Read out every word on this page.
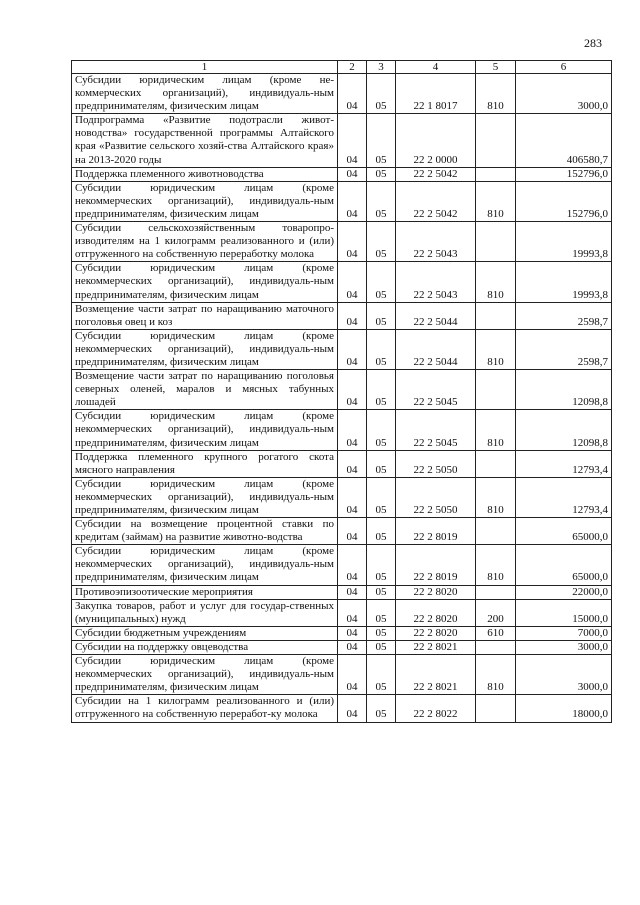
283
1	2	3	4	5	6
Субсидии юридическим лицам (кроме не-коммерческих организаций), индивидуаль-ным предпринимателям, физическим лицам	04	05	22 1 8017	810	3000,0
Подпрограмма «Развитие подотрасли живот-новодства» государственной программы Алтайского края «Развитие сельского хозяй-ства Алтайского края» на 2013-2020 годы	04	05	22 2 0000		406580,7
Поддержка племенного животноводства	04	05	22 2 5042		152796,0
Субсидии юридическим лицам (кроме некоммерческих организаций), индивидуаль-ным предпринимателям, физическим лицам	04	05	22 2 5042	810	152796,0
Субсидии сельскохозяйственным товаропро-изводителям на 1 килограмм реализованного и (или) отгруженного на собственную переработку молока	04	05	22 2 5043		19993,8
Субсидии юридическим лицам (кроме некоммерческих организаций), индивидуаль-ным предпринимателям, физическим лицам	04	05	22 2 5043	810	19993,8
Возмещение части затрат по наращиванию маточного поголовья овец и коз	04	05	22 2 5044		2598,7
Субсидии юридическим лицам (кроме некоммерческих организаций), индивидуаль-ным предпринимателям, физическим лицам	04	05	22 2 5044	810	2598,7
Возмещение части затрат по наращиванию поголовья северных оленей, маралов и мясных табунных лошадей	04	05	22 2 5045		12098,8
Субсидии юридическим лицам (кроме некоммерческих организаций), индивидуаль-ным предпринимателям, физическим лицам	04	05	22 2 5045	810	12098,8
Поддержка племенного крупного рогатого скота мясного направления	04	05	22 2 5050		12793,4
Субсидии юридическим лицам (кроме некоммерческих организаций), индивидуаль-ным предпринимателям, физическим лицам	04	05	22 2 5050	810	12793,4
Субсидии на возмещение процентной ставки по кредитам (займам) на развитие животно-водства	04	05	22 2 8019		65000,0
Субсидии юридическим лицам (кроме некоммерческих организаций), индивидуаль-ным предпринимателям, физическим лицам	04	05	22 2 8019	810	65000,0
Противоэпизоотические мероприятия	04	05	22 2 8020		22000,0
Закупка товаров, работ и услуг для государ-ственных (муниципальных) нужд	04	05	22 2 8020	200	15000,0
Субсидии бюджетным учреждениям	04	05	22 2 8020	610	7000,0
Субсидии на поддержку овцеводства	04	05	22 2 8021		3000,0
Субсидии юридическим лицам (кроме некоммерческих организаций), индивидуаль-ным предпринимателям, физическим лицам	04	05	22 2 8021	810	3000,0
Субсидии на 1 килограмм реализованного и (или) отгруженного на собственную переработ-ку молока	04	05	22 2 8022		18000,0
